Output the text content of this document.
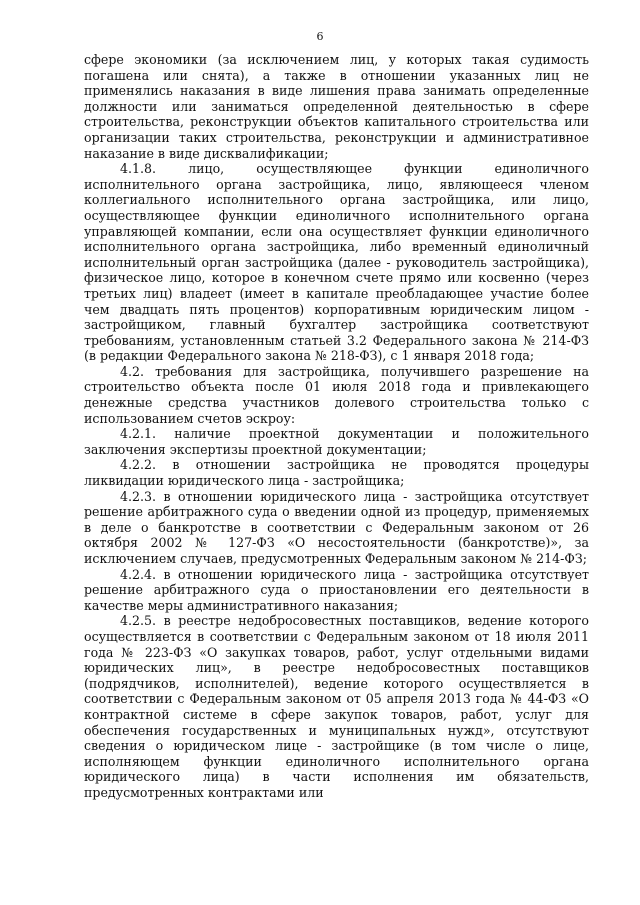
6

сфере экономики (за исключением лиц, у которых такая судимость погашена или снята), а также в отношении указанных лиц не применялись наказания в виде лишения права занимать определенные должности или заниматься определенной деятельностью в сфере строительства, реконструкции объектов капитального строительства или организации таких строительства, реконструкции и административное наказание в виде дисквалификации;

4.1.8. лицо, осуществляющее функции единоличного исполнительного органа застройщика, лицо, являющееся членом коллегиального исполнительного органа застройщика, или лицо, осуществляющее функции единоличного исполнительного органа управляющей компании, если она осуществляет функции единоличного исполнительного органа застройщика, либо временный единоличный исполнительный орган застройщика (далее - руководитель застройщика), физическое лицо, которое в конечном счете прямо или косвенно (через третьих лиц) владеет (имеет в капитале преобладающее участие более чем двадцать пять процентов) корпоративным юридическим лицом - застройщиком, главный бухгалтер застройщика соответствуют требованиям, установленным статьей 3.2 Федерального закона № 214-ФЗ (в редакции Федерального закона № 218-ФЗ), с 1 января 2018 года;

4.2. требования для застройщика, получившего разрешение на строительство объекта после 01 июля 2018 года и привлекающего денежные средства участников долевого строительства только с использованием счетов эскроу:

4.2.1. наличие проектной документации и положительного заключения экспертизы проектной документации;

4.2.2. в отношении застройщика не проводятся процедуры ликвидации юридического лица - застройщика;

4.2.3. в отношении юридического лица - застройщика отсутствует решение арбитражного суда о введении одной из процедур, применяемых в деле о банкротстве в соответствии с Федеральным законом от 26 октября 2002 № 127-ФЗ «О несостоятельности (банкротстве)», за исключением случаев, предусмотренных Федеральным законом № 214-ФЗ;

4.2.4. в отношении юридического лица - застройщика отсутствует решение арбитражного суда о приостановлении его деятельности в качестве меры административного наказания;

4.2.5. в реестре недобросовестных поставщиков, ведение которого осуществляется в соответствии с Федеральным законом от 18 июля 2011 года № 223-ФЗ «О закупках товаров, работ, услуг отдельными видами юридических лиц», в реестре недобросовестных поставщиков (подрядчиков, исполнителей), ведение которого осуществляется в соответствии с Федеральным законом от 05 апреля 2013 года № 44-ФЗ «О контрактной системе в сфере закупок товаров, работ, услуг для обеспечения государственных и муниципальных нужд», отсутствуют сведения о юридическом лице - застройщике (в том числе о лице, исполняющем функции единоличного исполнительного органа юридического лица) в части исполнения им обязательств, предусмотренных контрактами или
